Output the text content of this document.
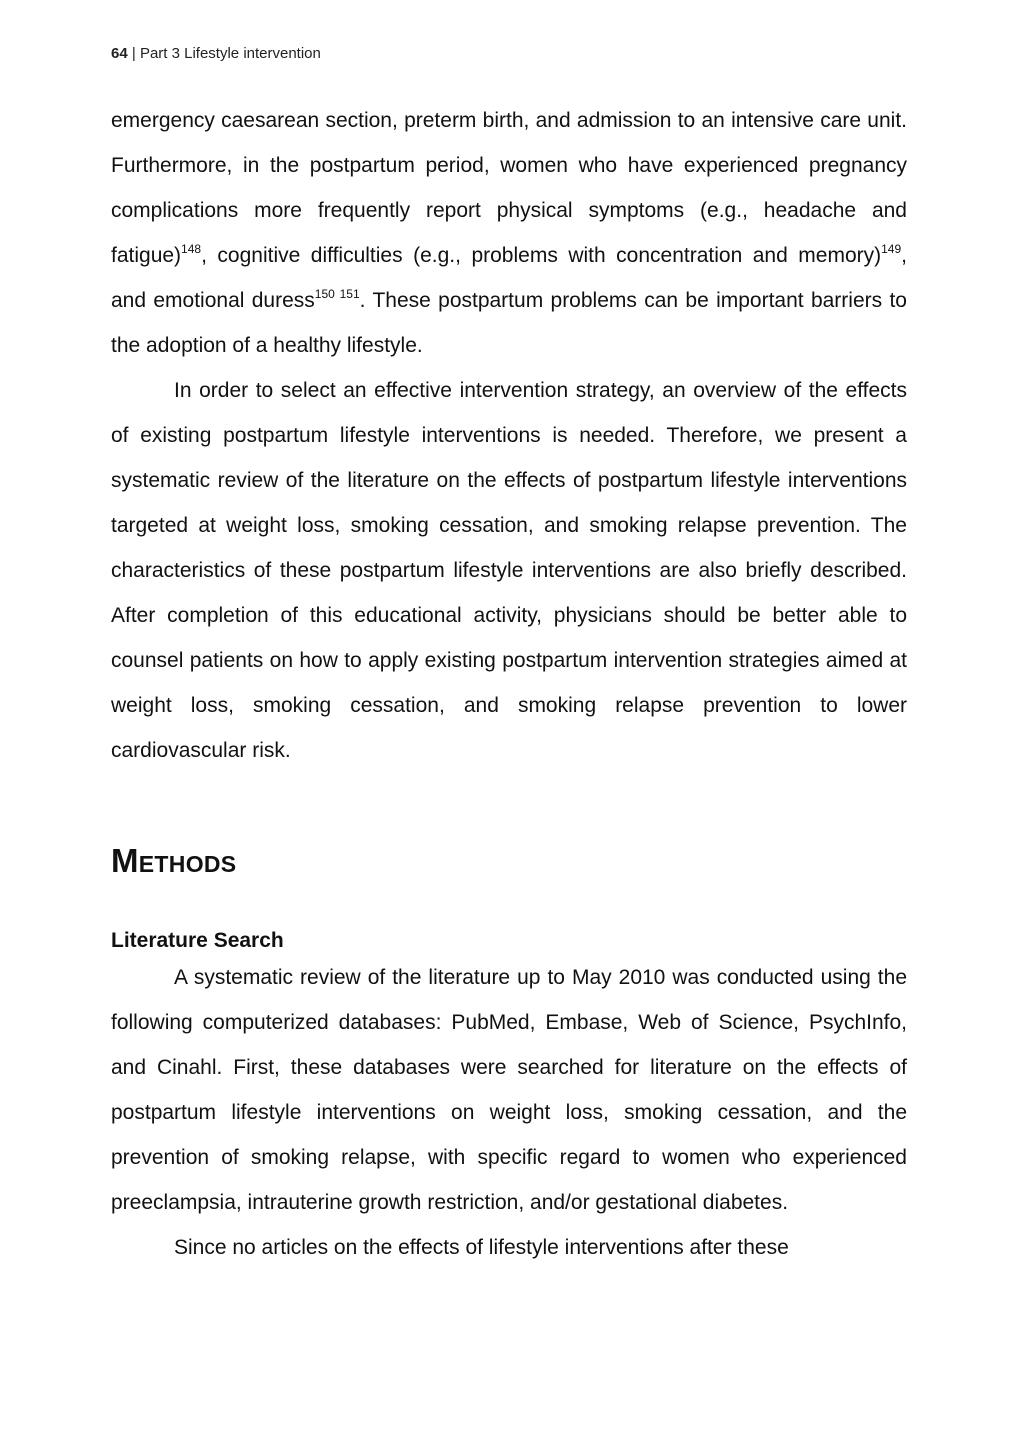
64 | Part 3 Lifestyle intervention

emergency caesarean section, preterm birth, and admission to an intensive care unit. Furthermore, in the postpartum period, women who have experienced pregnancy complications more frequently report physical symptoms (e.g., headache and fatigue)$^{148}$, cognitive difficulties (e.g., problems with concentration and memory)$^{149}$, and emotional duress$^{150 151}$. These postpartum problems can be important barriers to the adoption of a healthy lifestyle.

In order to select an effective intervention strategy, an overview of the effects of existing postpartum lifestyle interventions is needed. Therefore, we present a systematic review of the literature on the effects of postpartum lifestyle interventions targeted at weight loss, smoking cessation, and smoking relapse prevention. The characteristics of these postpartum lifestyle interventions are also briefly described. After completion of this educational activity, physicians should be better able to counsel patients on how to apply existing postpartum intervention strategies aimed at weight loss, smoking cessation, and smoking relapse prevention to lower cardiovascular risk.

Methods
Literature Search

A systematic review of the literature up to May 2010 was conducted using the following computerized databases: PubMed, Embase, Web of Science, PsychInfo, and Cinahl. First, these databases were searched for literature on the effects of postpartum lifestyle interventions on weight loss, smoking cessation, and the prevention of smoking relapse, with specific regard to women who experienced preeclampsia, intrauterine growth restriction, and/or gestational diabetes.

Since no articles on the effects of lifestyle interventions after these
